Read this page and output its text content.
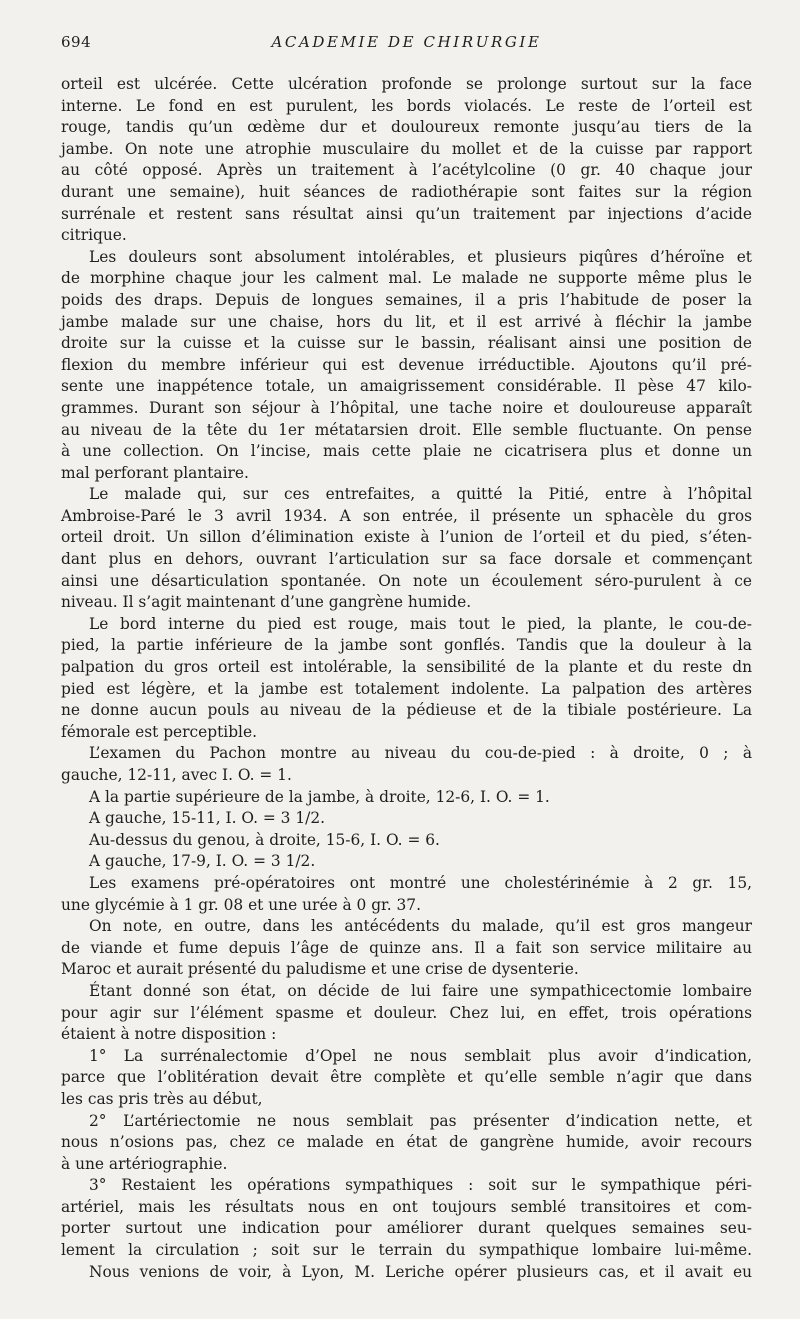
694	ACADEMIE DE CHIRURGIE
orteil est ulcérée. Cette ulcération profonde se prolonge surtout sur la face
interne. Le fond en est purulent, les bords violacés. Le reste de l’orteil est
rouge, tandis qu’un œdème dur et douloureux remonte jusqu’au tiers de la
jambe. On note une atrophie musculaire du mollet et de la cuisse par rapport
au côté opposé. Après un traitement à l’acétylcoline (0 gr. 40 chaque jour
durant une semaine), huit séances de radiothérapie sont faites sur la région
surrénale et restent sans résultat ainsi qu’un traitement par injections d’acide
citrique.
Les douleurs sont absolument intolérables, et plusieurs piqûres d’héroïne et
de morphine chaque jour les calment mal. Le malade ne supporte même plus le
poids des draps. Depuis de longues semaines, il a pris l’habitude de poser la
jambe malade sur une chaise, hors du lit, et il est arrivé à fléchir la jambe
droite sur la cuisse et la cuisse sur le bassin, réalisant ainsi une position de
flexion du membre inférieur qui est devenue irréductible. Ajoutons qu’il pré-
sente une inappétence totale, un amaigrissement considérable. Il pèse 47 kilo-
grammes. Durant son séjour à l’hôpital, une tache noire et douloureuse apparaît
au niveau de la tête du 1er métatarsien droit. Elle semble fluctuante. On pense
à une collection. On l’incise, mais cette plaie ne cicatrisera plus et donne un
mal perforant plantaire.
Le malade qui, sur ces entrefaites, a quitté la Pitié, entre à l’hôpital
Ambroise-Paré le 3 avril 1934. A son entrée, il présente un sphacèle du gros
orteil droit. Un sillon d’élimination existe à l’union de l’orteil et du pied, s’éten-
dant plus en dehors, ouvrant l’articulation sur sa face dorsale et commençant
ainsi une désarticulation spontanée. On note un écoulement séro-purulent à ce
niveau. Il s’agit maintenant d’une gangrène humide.
Le bord interne du pied est rouge, mais tout le pied, la plante, le cou-de-
pied, la partie inférieure de la jambe sont gonflés. Tandis que la douleur à la
palpation du gros orteil est intolérable, la sensibilité de la plante et du reste dn
pied est légère, et la jambe est totalement indolente. La palpation des artères
ne donne aucun pouls au niveau de la pédieuse et de la tibiale postérieure. La
fémorale est perceptible.
L’examen du Pachon montre au niveau du cou-de-pied : à droite, 0 ; à
gauche, 12-11, avec I. O. = 1.
A la partie supérieure de la jambe, à droite, 12-6, I. O. = 1.
A gauche, 15-11, I. O. = 3 1/2.
Au-dessus du genou, à droite, 15-6, I. O. = 6.
A gauche, 17-9, I. O. = 3 1/2.
Les examens pré-opératoires ont montré une cholestérinémie à 2 gr. 15,
une glycémie à 1 gr. 08 et une urée à 0 gr. 37.
On note, en outre, dans les antécédents du malade, qu’il est gros mangeur
de viande et fume depuis l’âge de quinze ans. Il a fait son service militaire au
Maroc et aurait présenté du paludisme et une crise de dysenterie.
Étant donné son état, on décide de lui faire une sympathicectomie lombaire
pour agir sur l’élément spasme et douleur. Chez lui, en effet, trois opérations
étaient à notre disposition :
1° La surrénalectomie d’Opel ne nous semblait plus avoir d’indication,
parce que l’oblitération devait être complète et qu’elle semble n’agir que dans
les cas pris très au début,
2° L’artériectomie ne nous semblait pas présenter d’indication nette, et
nous n’osions pas, chez ce malade en état de gangrène humide, avoir recours
à une artériographie.
3° Restaient les opérations sympathiques : soit sur le sympathique péri-
artériel, mais les résultats nous en ont toujours semblé transitoires et com-
porter surtout une indication pour améliorer durant quelques semaines seu-
lement la circulation ; soit sur le terrain du sympathique lombaire lui-même.
Nous venions de voir, à Lyon, M. Leriche opérer plusieurs cas, et il avait eu
